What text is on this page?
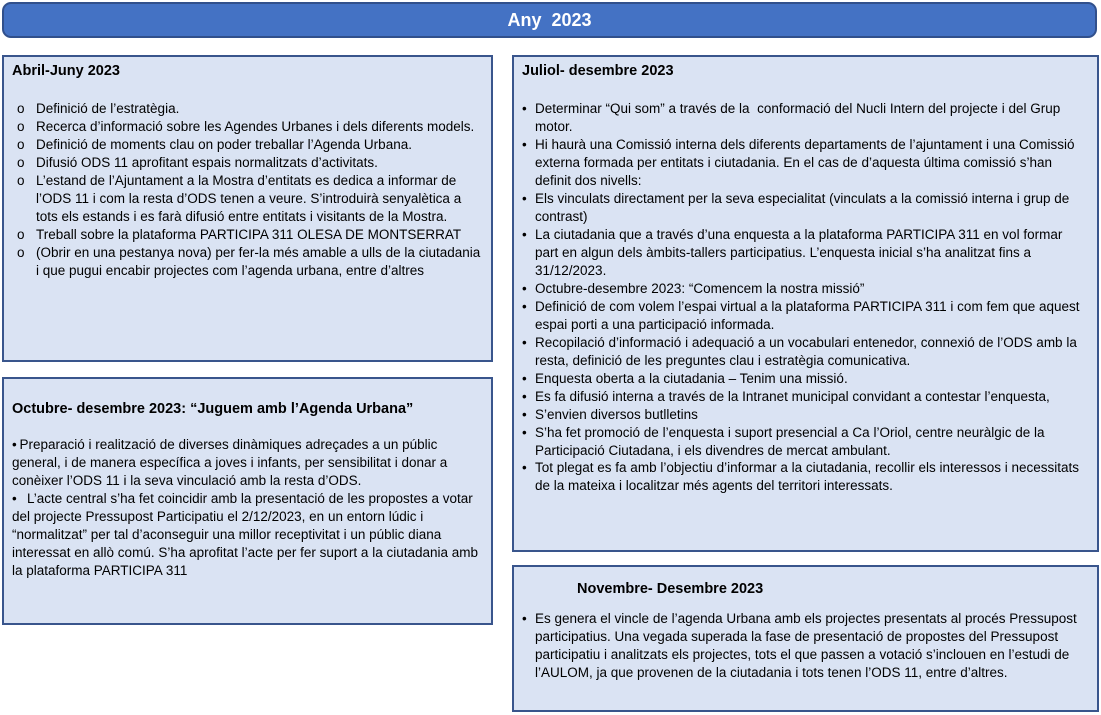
Any  2023
Abril-Juny 2023
o Definició de l’estratègia.
o Recerca d’informació sobre les Agendes Urbanes i dels diferents models.
o Definició de moments clau on poder treballar l’Agenda Urbana.
o Difusió ODS 11 aprofitant espais normalitzats d’activitats.
o L’estand de l’Ajuntament a la Mostra d’entitats es dedica a informar de l’ODS 11 i com la resta d’ODS tenen a veure. S’introduirà senyalètica a tots els estands i es farà difusió entre entitats i visitants de la Mostra.
o Treball sobre la plataforma PARTICIPA 311 OLESA DE MONTSERRAT
o (Obrir en una pestanya nova) per fer-la més amable a ulls de la ciutadania i que pugui encabir projectes com l’agenda urbana, entre d’altres
Octubre- desembre 2023: “Juguem amb l’Agenda Urbana”
• Preparació i realització de diverses dinàmiques adreçades a un públic general, i de manera específica a joves i infants, per sensibilitat i donar a conèixer l’ODS 11 i la seva vinculació amb la resta d’ODS.
• 	L’acte central s’ha fet coincidir amb la presentació de les propostes a votar del projecte Pressupost Participatiu el 2/12/2023, en un entorn lúdic i “normalitzat” per tal d’aconseguir una millor receptivitat i un públic diana interessat en allò comú. S’ha aprofitat l’acte per fer suport a la ciutadania amb la plataforma PARTICIPA 311
Juliol- desembre 2023
• Determinar “Qui som” a través de la  conformació del Nucli Intern del projecte i del Grup motor.
• Hi haurà una Comissió interna dels diferents departaments de l’ajuntament i una Comissió externa formada per entitats i ciutadania. En el cas de d’aquesta última comissió s’han definit dos nivells:
• Els vinculats directament per la seva especialitat (vinculats a la comissió interna i grup de contrast)
• La ciutadania que a través d’una enquesta a la plataforma PARTICIPA 311 en vol formar part en algun dels àmbits-tallers participatius. L’enquesta inicial s’ha analitzat fins a 31/12/2023.
• Octubre-desembre 2023: “Comencem la nostra missió”
• Definició de com volem l’espai virtual a la plataforma PARTICIPA 311 i com fem que aquest espai porti a una participació informada.
• Recopilació d’informació i adequació a un vocabulari entenedor, connexió de l’ODS amb la resta, definició de les preguntes clau i estratègia comunicativa.
• Enquesta oberta a la ciutadania – Tenim una missió.
• Es fa difusió interna a través de la Intranet municipal convidant a contestar l’enquesta,
• S’envien diversos butlletins
• S’ha fet promoció de l’enquesta i suport presencial a Ca l’Oriol, centre neuràlgic de la Participació Ciutadana, i els divendres de mercat ambulant.
• Tot plegat es fa amb l’objectiu d’informar a la ciutadania, recollir els interessos i necessitats de la mateixa i localitzar més agents del territori interessats.
Novembre- Desembre 2023
• Es genera el vincle de l’agenda Urbana amb els projectes presentats al procés Pressupost participatius. Una vegada superada la fase de presentació de propostes del Pressupost participatiu i analitzats els projectes, tots el que passen a votació s’inclouen en l’estudi de l’AULOM, ja que provenen de la ciutadania i tots tenen l’ODS 11, entre d’altres.
